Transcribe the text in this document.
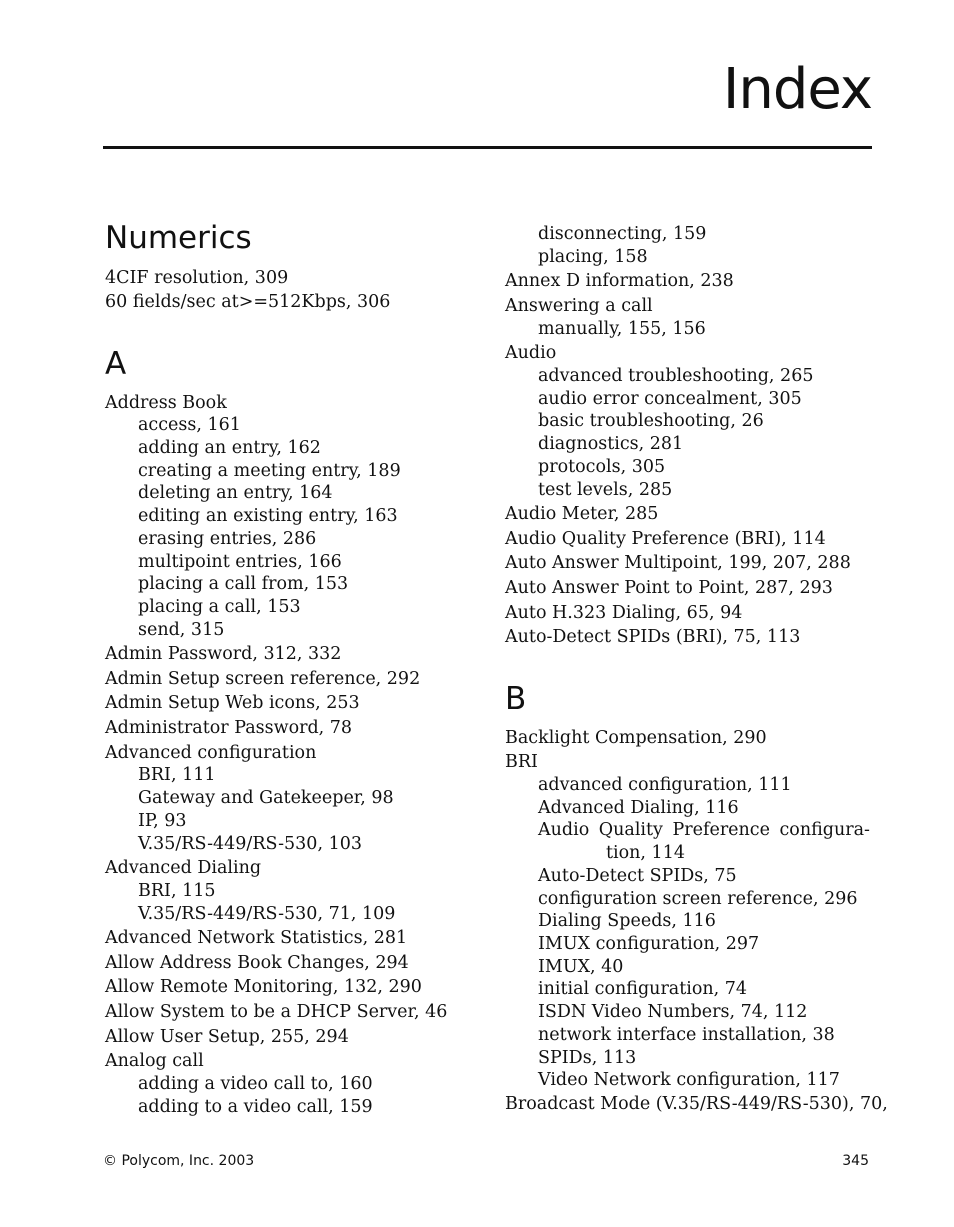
Index
Numerics
4CIF resolution, 309
60 fields/sec at>=512Kbps, 306
A
Address Book
access, 161
adding an entry, 162
creating a meeting entry, 189
deleting an entry, 164
editing an existing entry, 163
erasing entries, 286
multipoint entries, 166
placing a call from, 153
placing a call, 153
send, 315
Admin Password, 312, 332
Admin Setup screen reference, 292
Admin Setup Web icons, 253
Administrator Password, 78
Advanced configuration
BRI, 111
Gateway and Gatekeeper, 98
IP, 93
V.35/RS-449/RS-530, 103
Advanced Dialing
BRI, 115
V.35/RS-449/RS-530, 71, 109
Advanced Network Statistics, 281
Allow Address Book Changes, 294
Allow Remote Monitoring, 132, 290
Allow System to be a DHCP Server, 46
Allow User Setup, 255, 294
Analog call
adding a video call to, 160
adding to a video call, 159
disconnecting, 159
placing, 158
Annex D information, 238
Answering a call
manually, 155, 156
Audio
advanced troubleshooting, 265
audio error concealment, 305
basic troubleshooting, 26
diagnostics, 281
protocols, 305
test levels, 285
Audio Meter, 285
Audio Quality Preference (BRI), 114
Auto Answer Multipoint, 199, 207, 288
Auto Answer Point to Point, 287, 293
Auto H.323 Dialing, 65, 94
Auto-Detect SPIDs (BRI), 75, 113
B
Backlight Compensation, 290
BRI
advanced configuration, 111
Advanced Dialing, 116
Audio Quality Preference configura-
tion, 114
Auto-Detect SPIDs, 75
configuration screen reference, 296
Dialing Speeds, 116
IMUX configuration, 297
IMUX, 40
initial configuration, 74
ISDN Video Numbers, 74, 112
network interface installation, 38
SPIDs, 113
Video Network configuration, 117
Broadcast Mode (V.35/RS-449/RS-530), 70,
© Polycom, Inc. 2003	345
